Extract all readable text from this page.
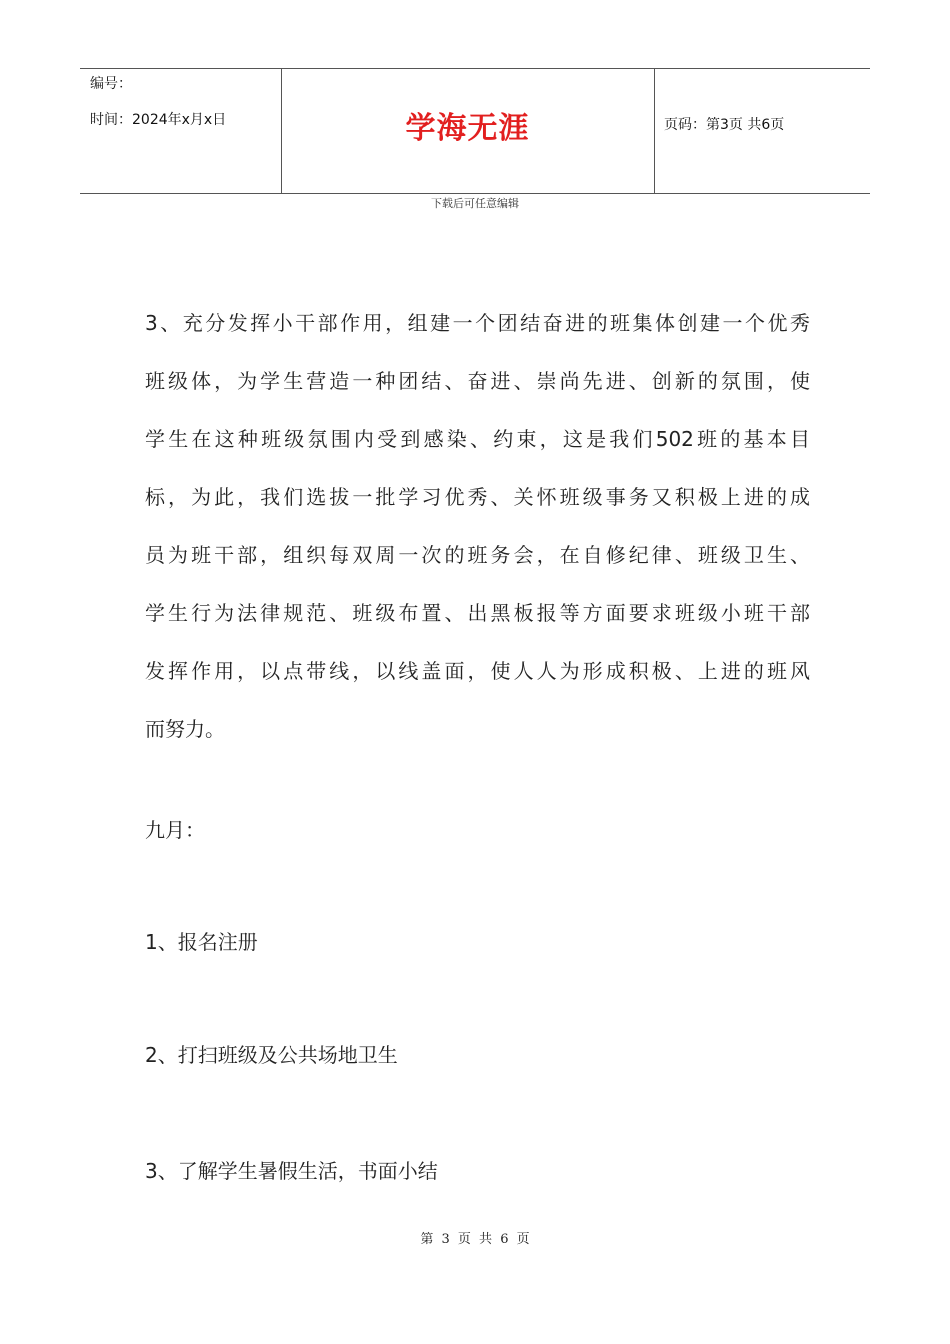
编号：
时间：2024年x月x日	学海无涯	页码：第3页 共6页
下载后可任意编辑
3、充分发挥小干部作用，组建一个团结奋进的班集体创建一个优秀
班级体，为学生营造一种团结、奋进、崇尚先进、创新的氛围，使
学生在这种班级氛围内受到感染、约束，这是我们502班的基本目
标，为此，我们选拔一批学习优秀、关怀班级事务又积极上进的成
员为班干部，组织每双周一次的班务会，在自修纪律、班级卫生、
学生行为法律规范、班级布置、出黑板报等方面要求班级小班干部
发挥作用，以点带线，以线盖面，使人人为形成积极、上进的班风
而努力。
九月：
1、报名注册
2、打扫班级及公共场地卫生
3、了解学生暑假生活，书面小结
第 3 页 共 6 页
